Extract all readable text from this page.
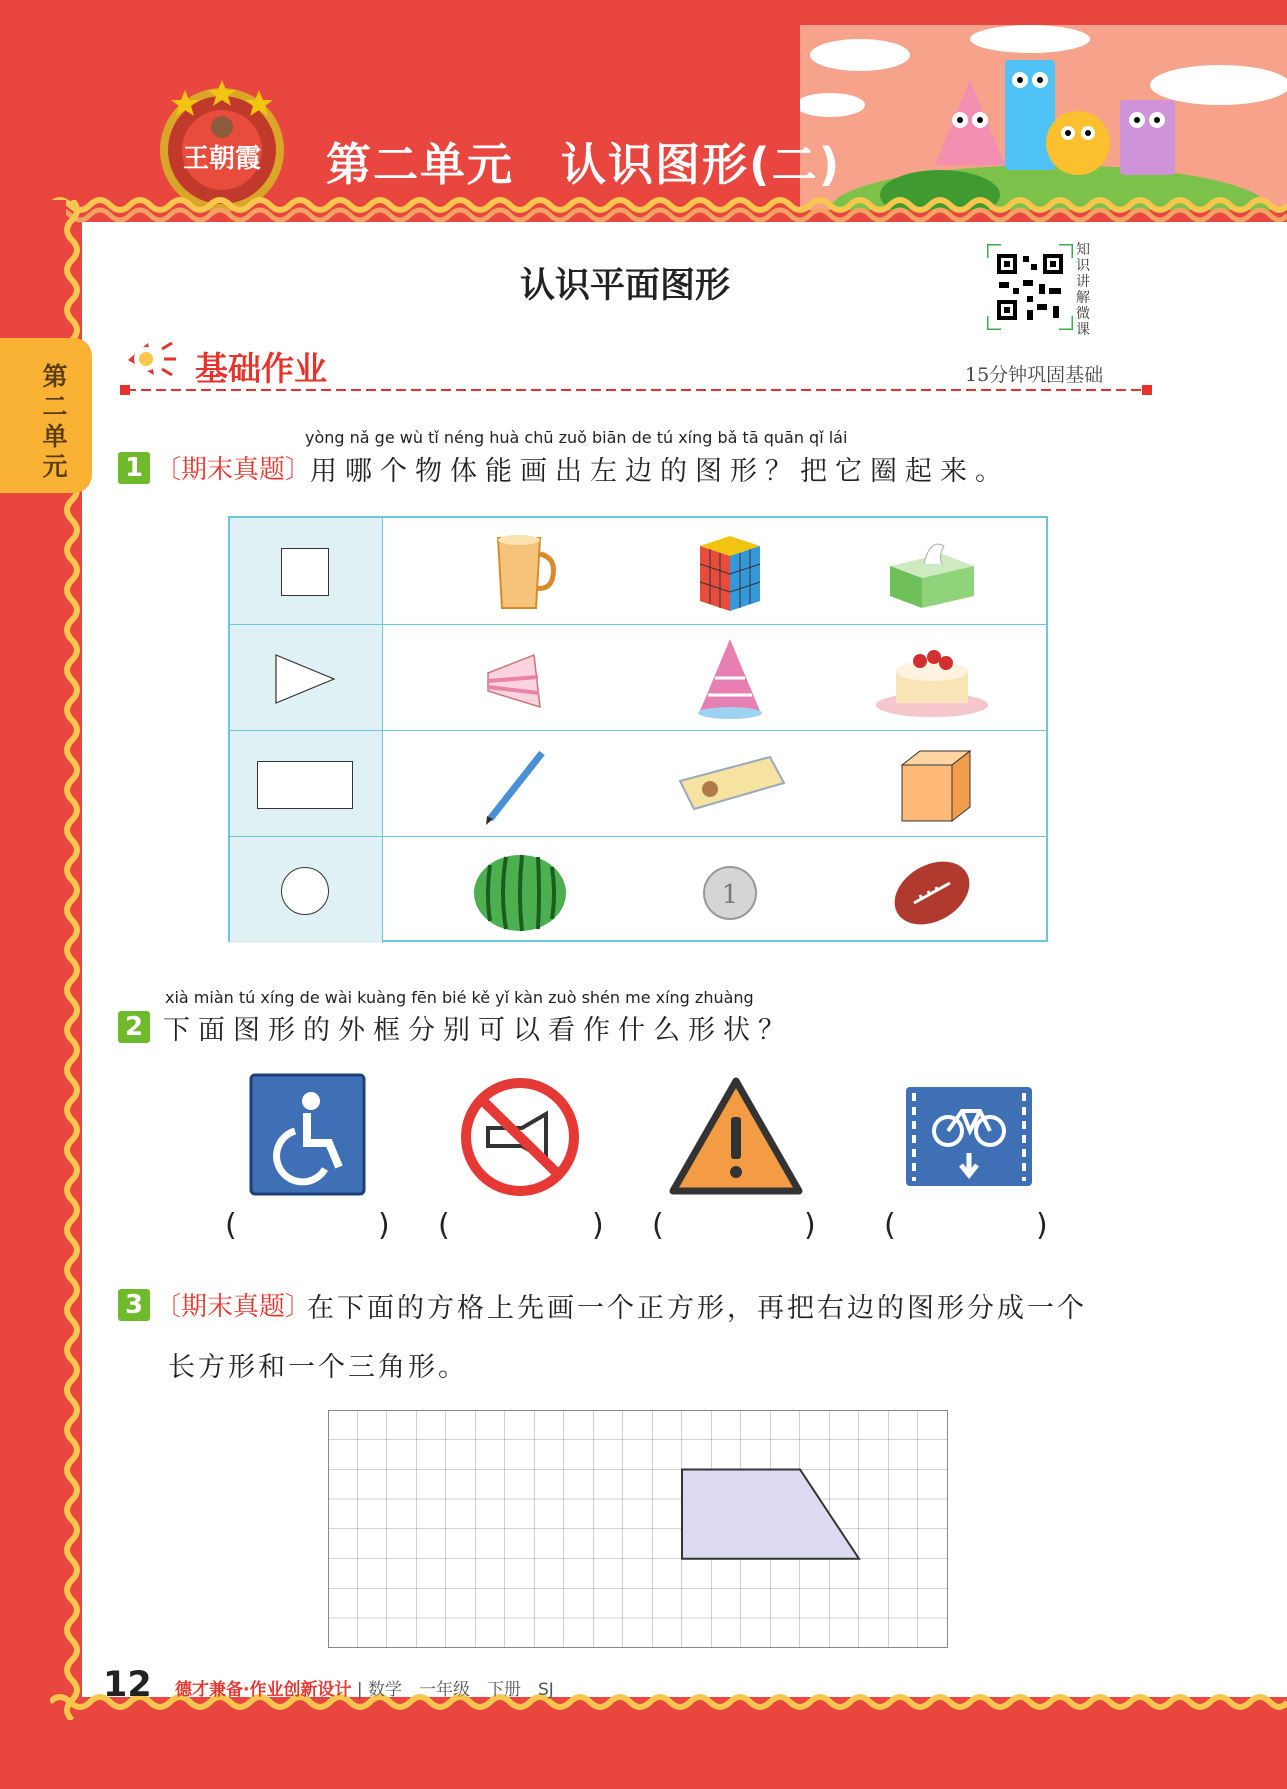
王朝霞 第二单元　认识图形(二)
第二单元
认识平面图形
知识讲解微课
基础作业	15分钟巩固基础
yòng nǎ ge wù tǐ néng huà chū zuǒ biān de tú xíng bǎ tā quān qǐ lái
1 〔期末真题〕
用哪个物体能画出左边的图形？把它圈起来。
1
xià miàn tú xíng de wài kuàng fēn bié kě yǐ kàn zuò shén me xíng zhuàng
2 下面图形的外框分别可以看作什么形状？
(	) (	) (	) (	)
3 〔期末真题〕
在下面的方格上先画一个正方形，再把右边的图形分成一个
长方形和一个三角形。
12 德才兼备·作业创新设计 | 数学　一年级　下册　SJ
